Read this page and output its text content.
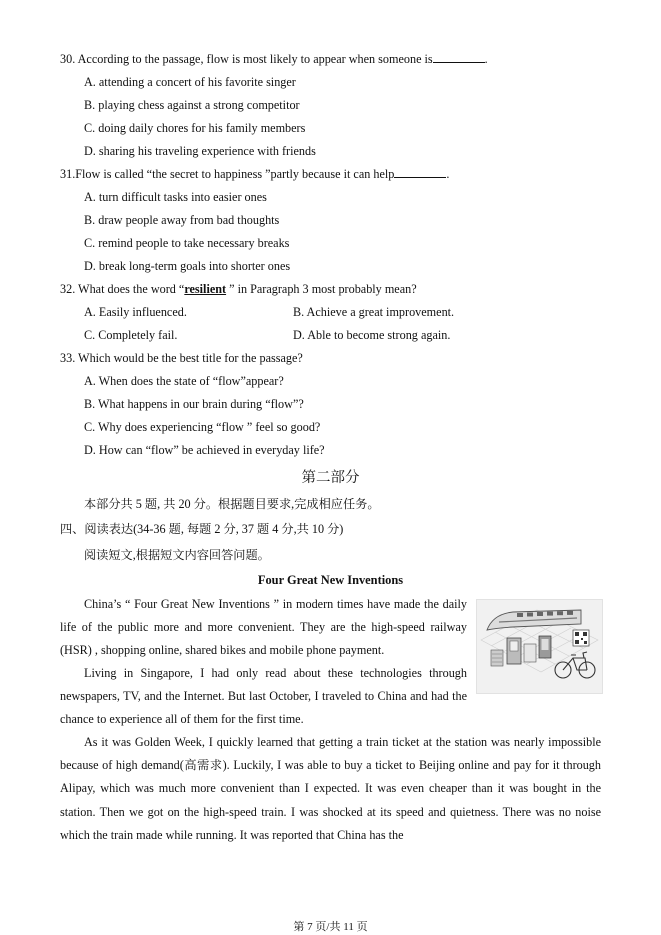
30. According to the passage, flow is most likely to appear when someone is	.
A. attending a concert of his favorite singer
B. playing chess against a strong competitor
C. doing daily chores for his family members
D. sharing his traveling experience with friends
31.Flow is called “the secret to happiness ”partly because it can help	.
A. turn difficult tasks into easier ones
B. draw people away from bad thoughts
C. remind people to take necessary breaks
D. break long-term goals into shorter ones
32. What does the word “resilient ” in Paragraph 3 most probably mean?
A. Easily influenced.	B. Achieve a great improvement.
C. Completely fail.	D. Able to become strong again.
33. Which would be the best title for the passage?
A. When does the state of “flow”appear?
B. What happens in our brain during “flow”?
C. Why does experiencing “flow ” feel so good?
D. How can “flow” be achieved in everyday life?
第二部分
本部分共 5 题, 共 20 分。根据题目要求,完成相应任务。
四、阅读表达(34-36 题, 每题 2 分, 37 题 4 分,共 10 分)
阅读短文,根据短文内容回答问题。
Four Great New Inventions
China’s “ Four Great New Inventions ” in modern times have made the daily life of the public more and more convenient. They are the high-speed railway (HSR) , shopping online, shared bikes and mobile phone payment.
Living in Singapore, I had only read about these technologies through newspapers, TV, and the Internet. But last October, I traveled to China and had the chance to experience all of them for the first time.
As it was Golden Week, I quickly learned that getting a train ticket at the station was nearly impossible because of high demand(高需求). Luckily, I was able to buy a ticket to Beijing online and pay for it through Alipay, which was much more convenient than I expected. It was even cheaper than it was bought in the station. Then we got on the high-speed train. I was shocked at its speed and quietness. There was no noise which the train made while running. It was reported that China has the
第 7 页/共 11 页
